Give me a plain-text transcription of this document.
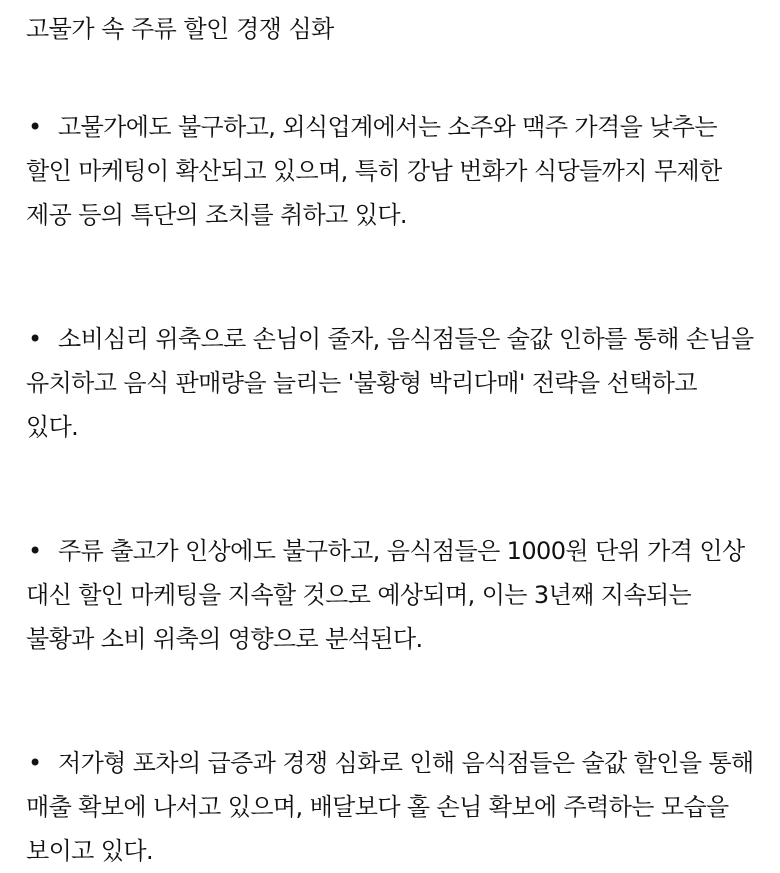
고물가 속 주류 할인 경쟁 심화
• 고물가에도 불구하고, 외식업계에서는 소주와 맥주 가격을 낮추는 할인 마케팅이 확산되고 있으며, 특히 강남 번화가 식당들까지 무제한 제공 등의 특단의 조치를 취하고 있다.
• 소비심리 위축으로 손님이 줄자, 음식점들은 술값 인하를 통해 손님을 유치하고 음식 판매량을 늘리는 '불황형 박리다매' 전략을 선택하고 있다.
• 주류 출고가 인상에도 불구하고, 음식점들은 1000원 단위 가격 인상 대신 할인 마케팅을 지속할 것으로 예상되며, 이는 3년째 지속되는 불황과 소비 위축의 영향으로 분석된다.
• 저가형 포차의 급증과 경쟁 심화로 인해 음식점들은 술값 할인을 통해 매출 확보에 나서고 있으며, 배달보다 홀 손님 확보에 주력하는 모습을 보이고 있다.
